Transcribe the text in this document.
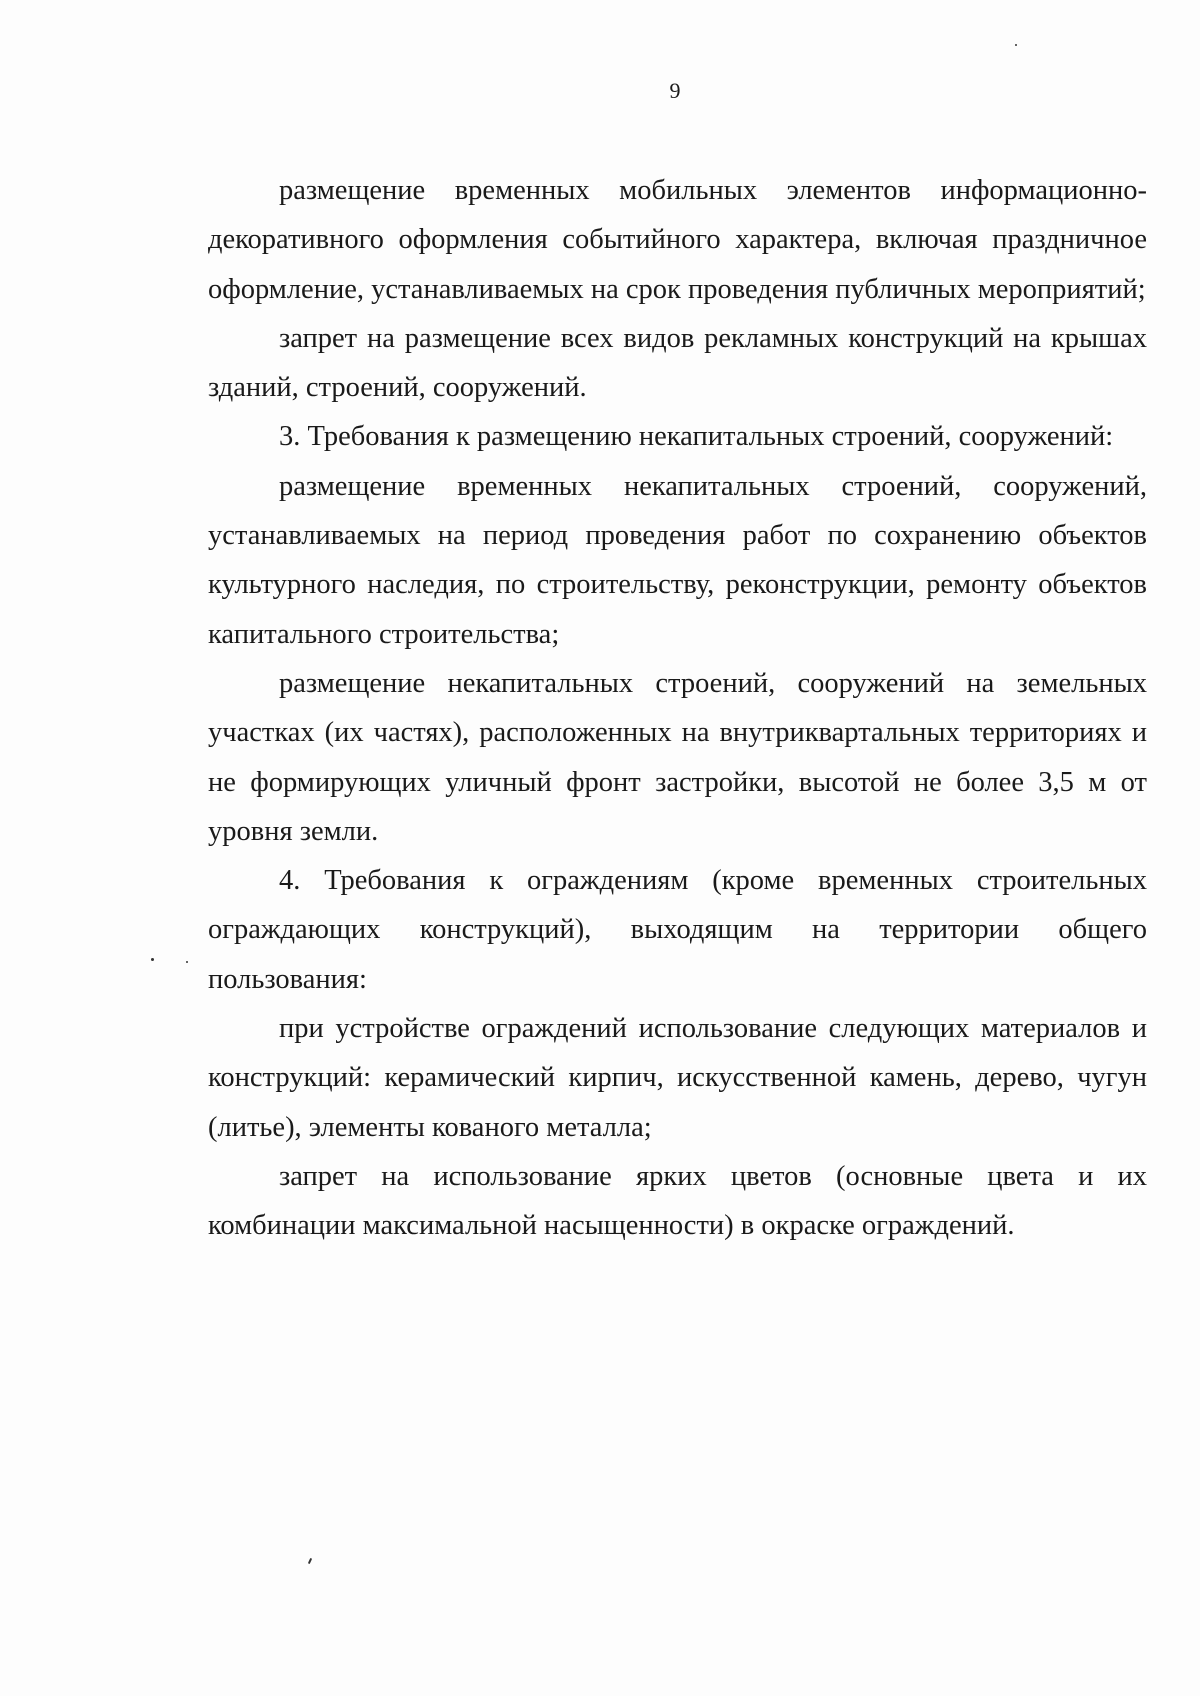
9

размещение временных мобильных элементов информационно-декоративного оформления событийного характера, включая праздничное оформление, устанавливаемых на срок проведения публичных мероприятий;

запрет на размещение всех видов рекламных конструкций на крышах зданий, строений, сооружений.

3. Требования к размещению некапитальных строений, сооружений:

размещение временных некапитальных строений, сооружений, устанавливаемых на период проведения работ по сохранению объектов культурного наследия, по строительству, реконструкции, ремонту объектов капитального строительства;

размещение некапитальных строений, сооружений на земельных участках (их частях), расположенных на внутриквартальных территориях и не формирующих уличный фронт застройки, высотой не более 3,5 м от уровня земли.

4. Требования к ограждениям (кроме временных строительных ограждающих конструкций), выходящим на территории общего пользования:

при устройстве ограждений использование следующих материалов и конструкций: керамический кирпич, искусственной камень, дерево, чугун (литье), элементы кованого металла;

запрет на использование ярких цветов (основные цвета и их комбинации максимальной насыщенности) в окраске ограждений.
